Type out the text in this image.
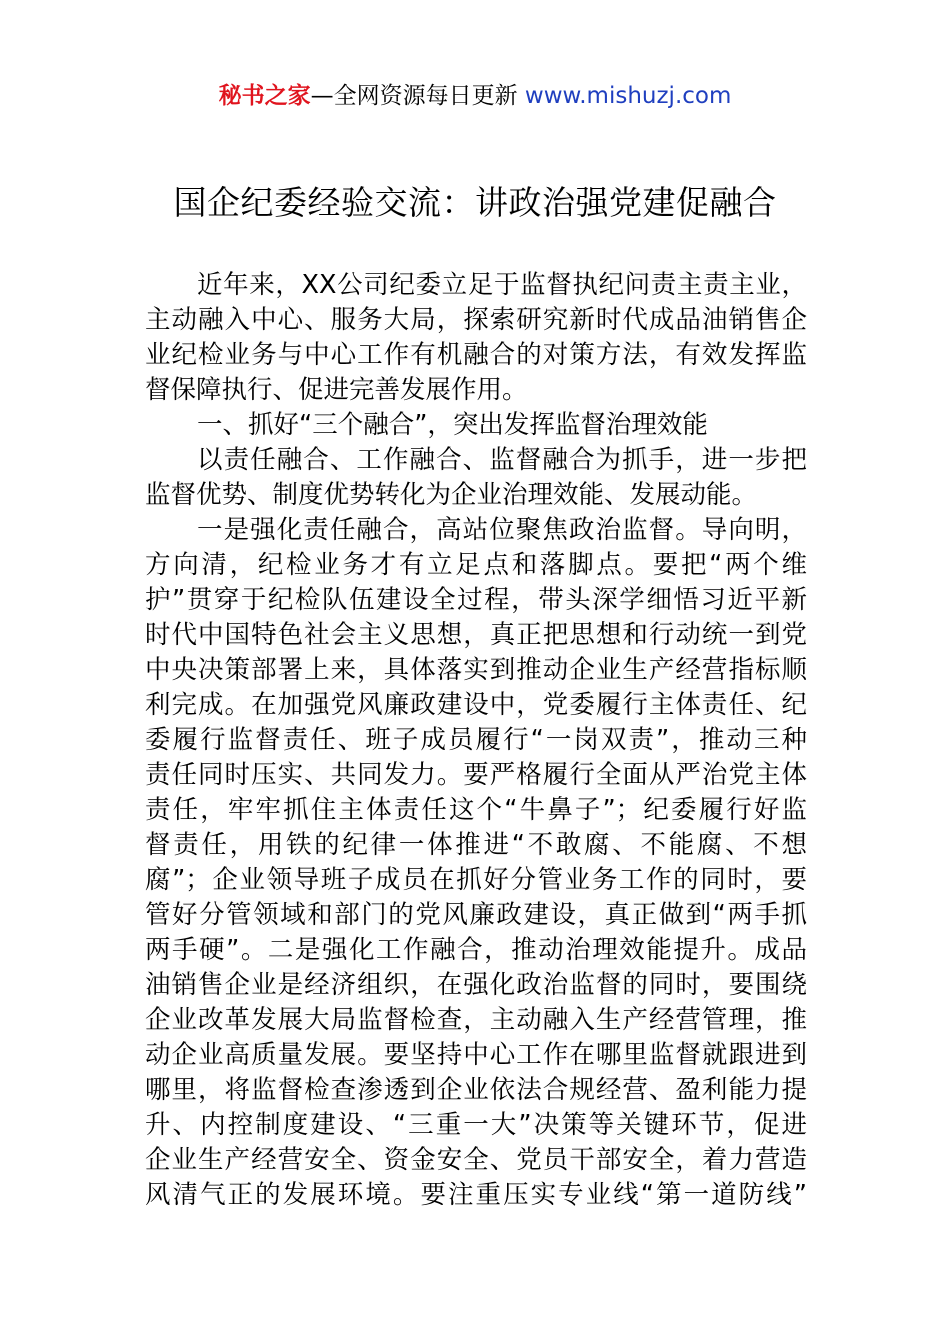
秘书之家—全网资源每日更新 www.mishuzj.com
国企纪委经验交流：讲政治强党建促融合
近年来，XX公司纪委立足于监督执纪问责主责主业，
主动融入中心、服务大局，探索研究新时代成品油销售企
业纪检业务与中心工作有机融合的对策方法，有效发挥监
督保障执行、促进完善发展作用。
一、抓好“三个融合”，突出发挥监督治理效能
以责任融合、工作融合、监督融合为抓手，进一步把
监督优势、制度优势转化为企业治理效能、发展动能。
一是强化责任融合，高站位聚焦政治监督。导向明，
方向清，纪检业务才有立足点和落脚点。要把“两个维
护”贯穿于纪检队伍建设全过程，带头深学细悟习近平新
时代中国特色社会主义思想，真正把思想和行动统一到党
中央决策部署上来，具体落实到推动企业生产经营指标顺
利完成。在加强党风廉政建设中，党委履行主体责任、纪
委履行监督责任、班子成员履行“一岗双责”，推动三种
责任同时压实、共同发力。要严格履行全面从严治党主体
责任，牢牢抓住主体责任这个“牛鼻子”；纪委履行好监
督责任，用铁的纪律一体推进“不敢腐、不能腐、不想
腐”；企业领导班子成员在抓好分管业务工作的同时，要
管好分管领域和部门的党风廉政建设，真正做到“两手抓
两手硬”。二是强化工作融合，推动治理效能提升。成品
油销售企业是经济组织，在强化政治监督的同时，要围绕
企业改革发展大局监督检查，主动融入生产经营管理，推
动企业高质量发展。要坚持中心工作在哪里监督就跟进到
哪里，将监督检查渗透到企业依法合规经营、盈利能力提
升、内控制度建设、“三重一大”决策等关键环节，促进
企业生产经营安全、资金安全、党员干部安全，着力营造
风清气正的发展环境。要注重压实专业线“第一道防线”
